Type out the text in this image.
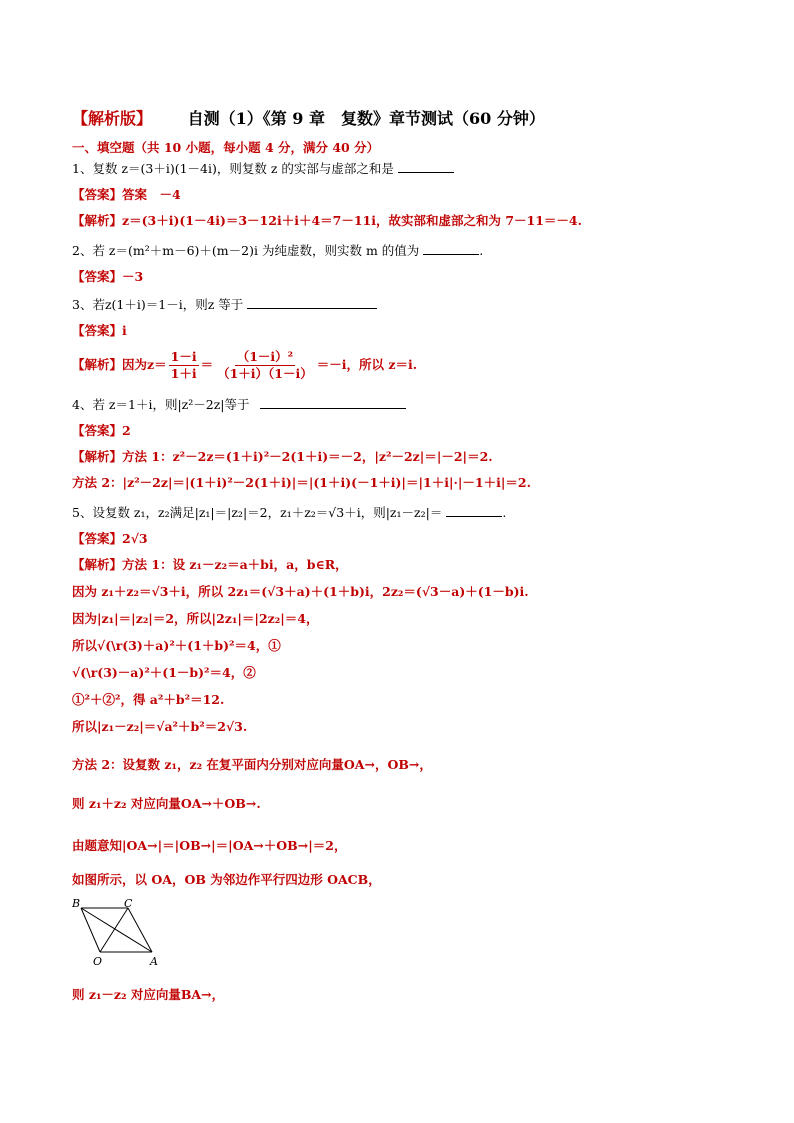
【解析版】 自测（1）《第 9 章　复数》章节测试（60 分钟）
一、填空题（共 10 小题，每小题 4 分，满分 40 分）
1、复数 z＝(3＋i)(1－4i)，则复数 z 的实部与虚部之和是
【答案】答案　－4
【解析】z＝(3＋i)(1－4i)＝3－12i＋i＋4＝7－11i，故实部和虚部之和为 7－11＝－4.
2、若 z＝(m²＋m－6)＋(m－2)i 为纯虚数，则实数 m 的值为	.
【答案】－3
3、若z(1＋i)＝1－i，则z 等于
【答案】i
【解析】因为$z= \frac{1-i}{1+i} = \frac{\text{（1－i）²}}{(1+i)(1-i)} =-i$，所以 z＝i.
4、若 z＝1＋i，则|z²－2z|等于
【答案】2
【解析】方法 1：z²－2z＝(1＋i)²－2(1＋i)＝－2，|z²－2z|＝|－2|＝2.
方法 2：|z²－2z|＝|(1＋i)²－2(1＋i)|＝|(1＋i)(－1＋i)|＝|1＋i|·|－1＋i|＝2.
5、设复数 z₁，z₂满足|z₁|＝|z₂|＝2，z₁＋z₂＝√3＋i，则|z₁－z₂|＝	.
【答案】2√3
【解析】方法 1：设 z₁－z₂＝a＋bi，a，b∈R，
因为 z₁＋z₂＝√3＋i，所以 2z₁＝(√3＋a)＋(1＋b)i，2z₂＝(√3－a)＋(1－b)i.
因为|z₁|＝|z₂|＝2，所以|2z₁|＝|2z₂|＝4，
所以√(\r(3)＋a)²＋(1＋b)²＝4，①
√(\r(3)－a)²＋(1－b)²＝4，②
①²＋②²，得 a²＋b²＝12.
所以|z₁－z₂|＝√a²＋b²＝2√3.
方法 2：设复数 z₁，z₂ 在复平面内分别对应向量OA→，OB→，
则 z₁＋z₂ 对应向量OA→＋OB→.
由题意知|OA→|＝|OB→|＝|OA→＋OB→|＝2，
如图所示，以 OA，OB 为邻边作平行四边形 OACB，
B	C
O	A
则 z₁－z₂ 对应向量BA→，
